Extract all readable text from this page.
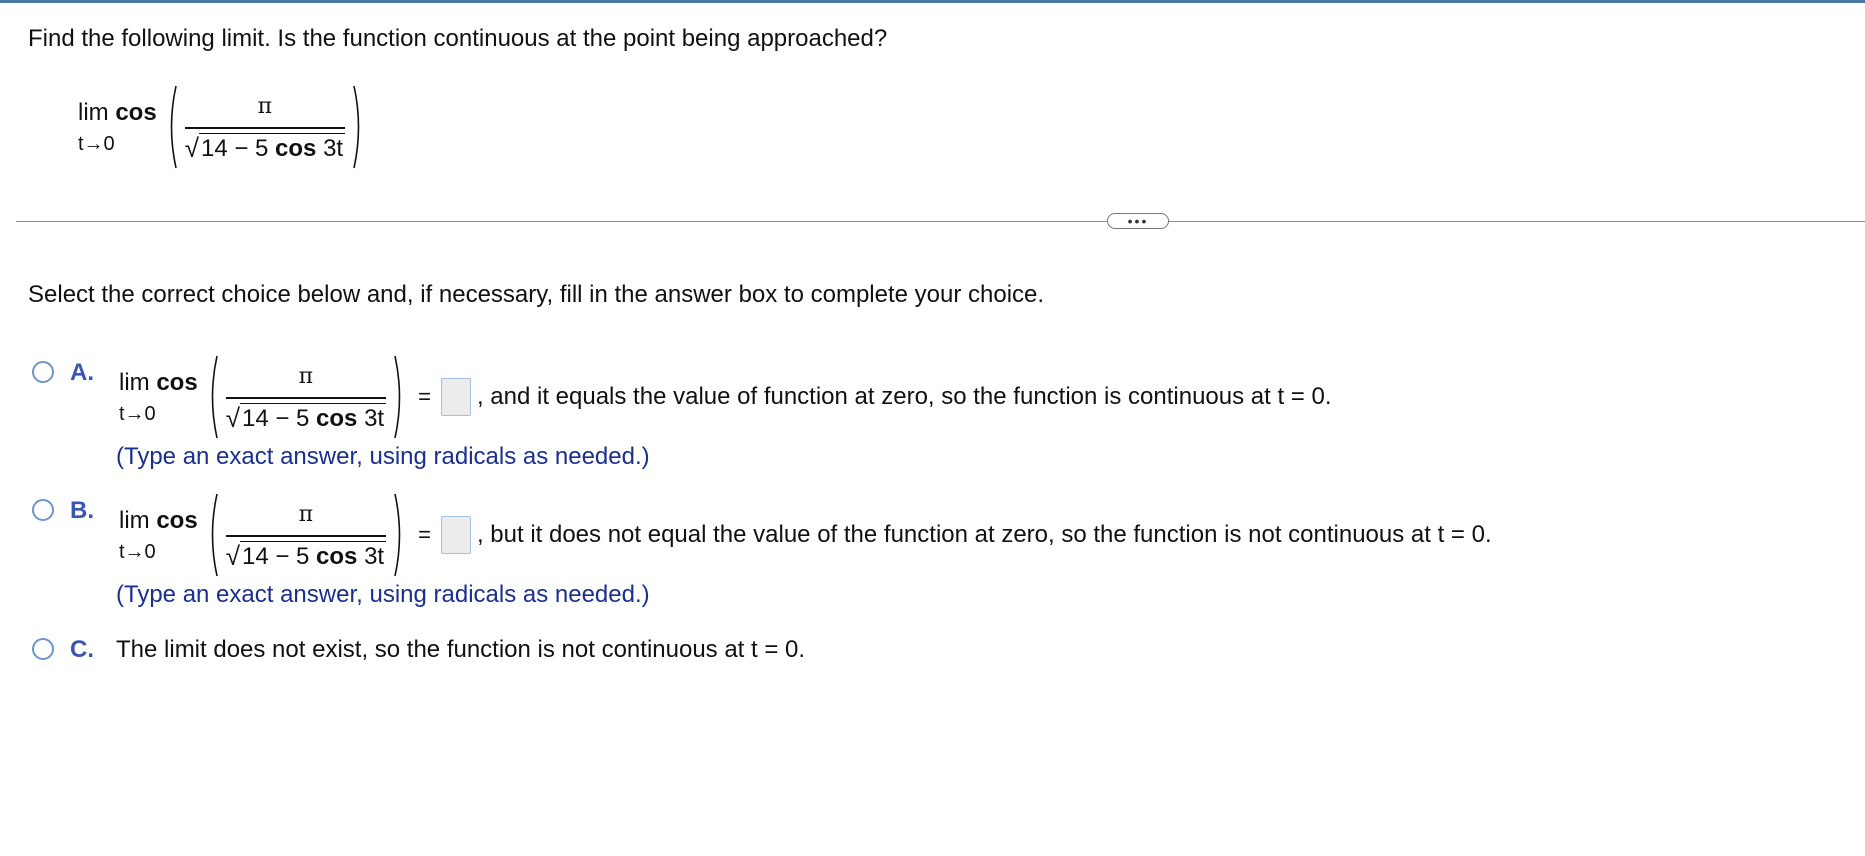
Find the following limit. Is the function continuous at the point being approached?
lim cos
t→0	$\frac{\pi}{√ 14 - 5 \cos 3t}$
•••
Select the correct choice below and, if necessary, fill in the answer box to complete your choice.
A. lim cos
t→0	$\frac{\pi}{√ 14 - 5 \cos 3t}$ = , and it equals the value of function at zero, so the function is continuous at t = 0.
(Type an exact answer, using radicals as needed.)
B. lim cos
t→0	$\frac{\pi}{√ 14 - 5 \cos 3t}$ = , but it does not equal the value of the function at zero, so the function is not continuous at t = 0.
(Type an exact answer, using radicals as needed.)
C. The limit does not exist, so the function is not continuous at t = 0.
